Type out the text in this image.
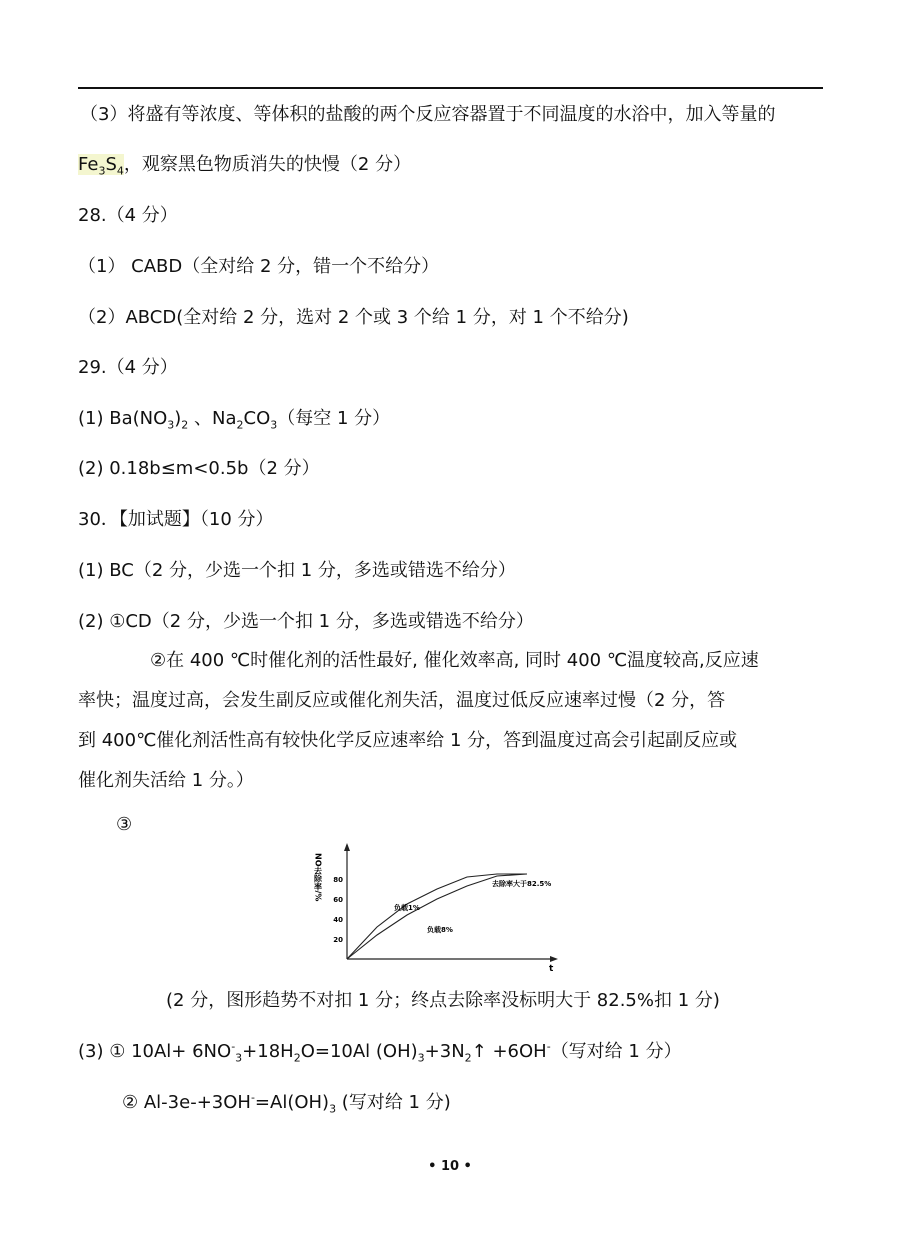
（3）将盛有等浓度、等体积的盐酸的两个反应容器置于不同温度的水浴中，加入等量的
$Fe_3S_4$，观察黑色物质消失的快慢（2 分）
28.（4 分）
（1） CABD（全对给 2 分，错一个不给分）
（2）ABCD(全对给 2 分，选对 2 个或 3 个给 1 分，对 1 个不给分)
29.（4 分）
(1) $Ba(NO_3)_2$ 、$Na_2CO_3$（每空 1 分）
(2) 0.18b≤m<0.5b（2 分）
30．【加试题】（10 分）
(1) BC（2 分，少选一个扣 1 分，多选或错选不给分）
(2) ①CD（2 分，少选一个扣 1 分，多选或错选不给分）
②在 400 ℃时催化剂的活性最好, 催化效率高, 同时 400 ℃温度较高,反应速
率快；温度过高，会发生副反应或催化剂失活，温度过低反应速率过慢（2 分，答
到 400℃催化剂活性高有较快化学反应速率给 1 分，答到温度过高会引起副反应或
催化剂失活给 1 分。）
③
NO去除率/%
t
20
40
60
80	去除率大于82.5%
负载1%
负载8%
(2 分，图形趋势不对扣 1 分；终点去除率没标明大于 82.5%扣 1 分)
(3) ① $10Al+ 6NO^-_3+18H_2O=10Al$ $(OH)_3+3N_2↑ +6OH^-$（写对给 1 分）
② $Al-3e-+3OH^-=Al(OH)_3$ (写对给 1 分)
• 10 •
